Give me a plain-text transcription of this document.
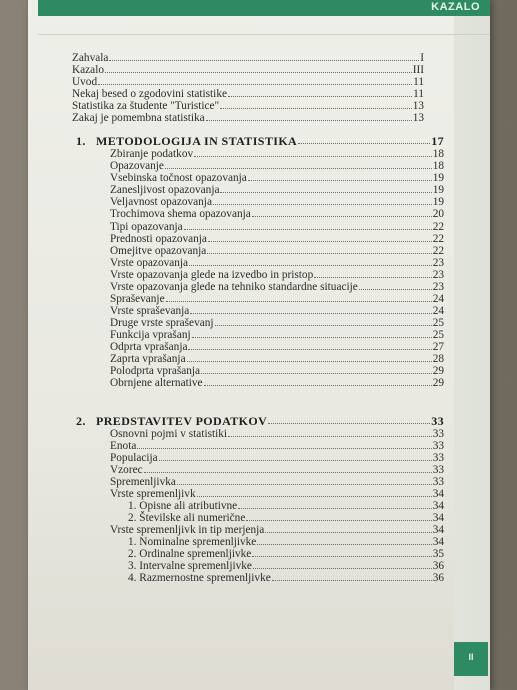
KAZALO
Zahvala	I
Kazalo	III
Uvod	11
Nekaj besed o zgodovini statistike	11
Statistika za študente "Turistice"	13
Zakaj je pomembna statistika	13
1. METODOLOGIJA IN STATISTIKA	17
Zbiranje podatkov	18
Opazovanje	18
Vsebinska točnost opazovanja	19
Zanesljivost opazovanja	19
Veljavnost opazovanja	19
Trochimova shema opazovanja	20
Tipi opazovanja	22
Prednosti opazovanja	22
Omejitve opazovanja	22
Vrste opazovanja	23
Vrste opazovanja glede na izvedbo in pristop	23
Vrste opazovanja glede na tehniko standardne situacije	23
Spraševanje	24
Vrste spraševanja	24
Druge vrste spraševanj	25
Funkcija vprašanj	25
Odprta vprašanja	27
Zaprta vprašanja	28
Polodprta vprašanja	29
Obrnjene alternative	29
2. PREDSTAVITEV PODATKOV	33
Osnovni pojmi v statistiki	33
Enota	33
Populacija	33
Vzorec	33
Spremenljivka	33
Vrste spremenljivk	34
1. Opisne ali atributivne	34
2. Številske ali numerične	34
Vrste spremenljivk in tip merjenja	34
1. Nominalne spremenljivke	34
2. Ordinalne spremenljivke	35
3. Intervalne spremenljivke	36
4. Razmernostne spremenljivke	36
II
